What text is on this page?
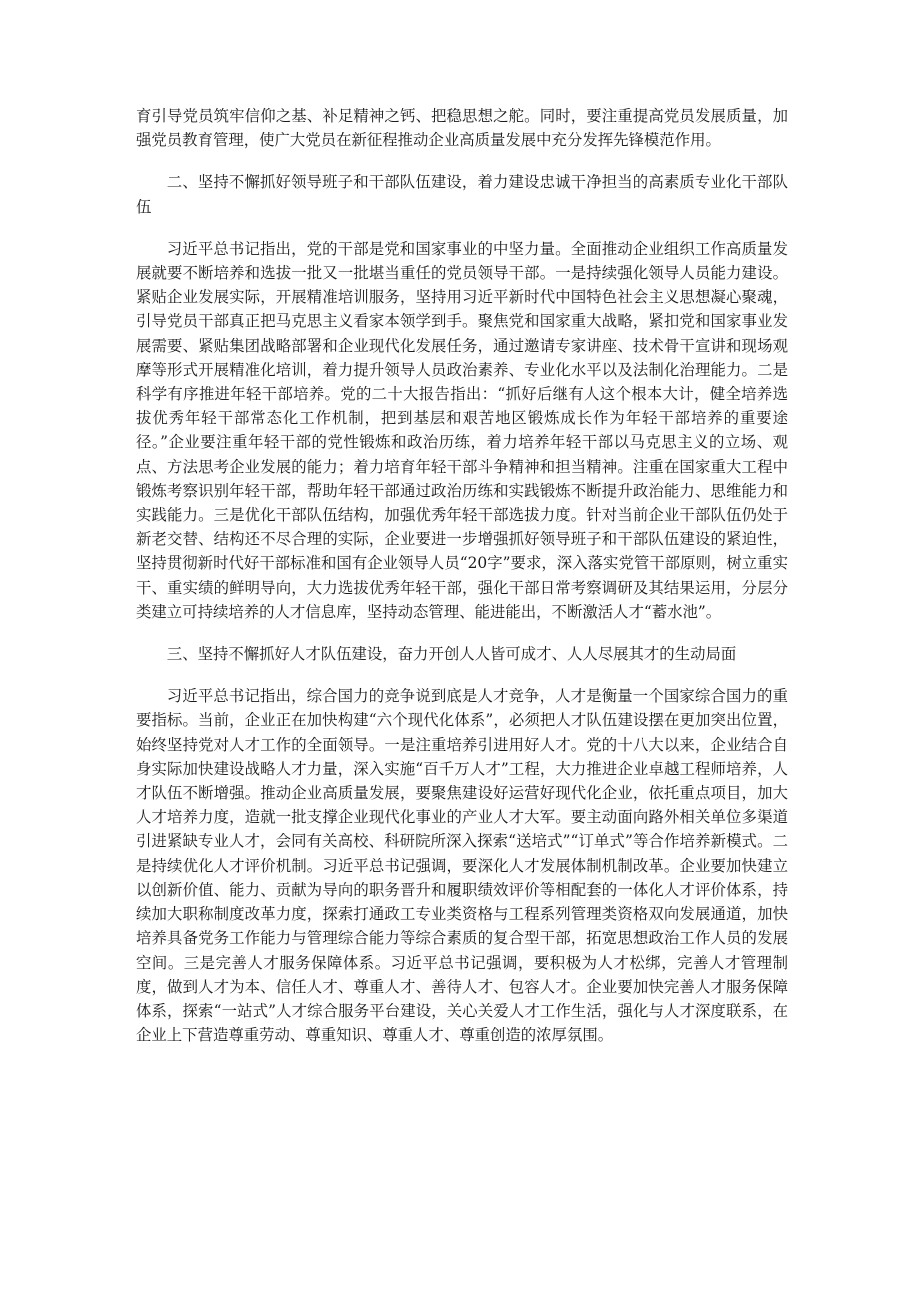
育引导党员筑牢信仰之基、补足精神之钙、把稳思想之舵。同时，要注重提高党员发展质量，加强党员教育管理，使广大党员在新征程推动企业高质量发展中充分发挥先锋模范作用。

二、坚持不懈抓好领导班子和干部队伍建设，着力建设忠诚干净担当的高素质专业化干部队伍

习近平总书记指出，党的干部是党和国家事业的中坚力量。全面推动企业组织工作高质量发展就要不断培养和选拔一批又一批堪当重任的党员领导干部。一是持续强化领导人员能力建设。紧贴企业发展实际，开展精准培训服务，坚持用习近平新时代中国特色社会主义思想凝心聚魂，引导党员干部真正把马克思主义看家本领学到手。聚焦党和国家重大战略，紧扣党和国家事业发展需要、紧贴集团战略部署和企业现代化发展任务，通过邀请专家讲座、技术骨干宣讲和现场观摩等形式开展精准化培训，着力提升领导人员政治素养、专业化水平以及法制化治理能力。二是科学有序推进年轻干部培养。党的二十大报告指出：“抓好后继有人这个根本大计，健全培养选拔优秀年轻干部常态化工作机制，把到基层和艰苦地区锻炼成长作为年轻干部培养的重要途径。”企业要注重年轻干部的党性锻炼和政治历练，着力培养年轻干部以马克思主义的立场、观点、方法思考企业发展的能力；着力培育年轻干部斗争精神和担当精神。注重在国家重大工程中锻炼考察识别年轻干部，帮助年轻干部通过政治历练和实践锻炼不断提升政治能力、思维能力和实践能力。三是优化干部队伍结构，加强优秀年轻干部选拔力度。针对当前企业干部队伍仍处于新老交替、结构还不尽合理的实际，企业要进一步增强抓好领导班子和干部队伍建设的紧迫性，坚持贯彻新时代好干部标准和国有企业领导人员“20字”要求，深入落实党管干部原则，树立重实干、重实绩的鲜明导向，大力选拔优秀年轻干部，强化干部日常考察调研及其结果运用，分层分类建立可持续培养的人才信息库，坚持动态管理、能进能出，不断激活人才“蓄水池”。

三、坚持不懈抓好人才队伍建设，奋力开创人人皆可成才、人人尽展其才的生动局面

习近平总书记指出，综合国力的竞争说到底是人才竞争，人才是衡量一个国家综合国力的重要指标。当前，企业正在加快构建“六个现代化体系”，必须把人才队伍建设摆在更加突出位置，始终坚持党对人才工作的全面领导。一是注重培养引进用好人才。党的十八大以来，企业结合自身实际加快建设战略人才力量，深入实施“百千万人才”工程，大力推进企业卓越工程师培养，人才队伍不断增强。推动企业高质量发展，要聚焦建设好运营好现代化企业，依托重点项目，加大人才培养力度，造就一批支撑企业现代化事业的产业人才大军。要主动面向路外相关单位多渠道引进紧缺专业人才，会同有关高校、科研院所深入探索“送培式”“订单式”等合作培养新模式。二是持续优化人才评价机制。习近平总书记强调，要深化人才发展体制机制改革。企业要加快建立以创新价值、能力、贡献为导向的职务晋升和履职绩效评价等相配套的一体化人才评价体系，持续加大职称制度改革力度，探索打通政工专业类资格与工程系列管理类资格双向发展通道，加快培养具备党务工作能力与管理综合能力等综合素质的复合型干部，拓宽思想政治工作人员的发展空间。三是完善人才服务保障体系。习近平总书记强调，要积极为人才松绑，完善人才管理制度，做到人才为本、信任人才、尊重人才、善待人才、包容人才。企业要加快完善人才服务保障体系，探索“一站式”人才综合服务平台建设，关心关爱人才工作生活，强化与人才深度联系，在企业上下营造尊重劳动、尊重知识、尊重人才、尊重创造的浓厚氛围。
